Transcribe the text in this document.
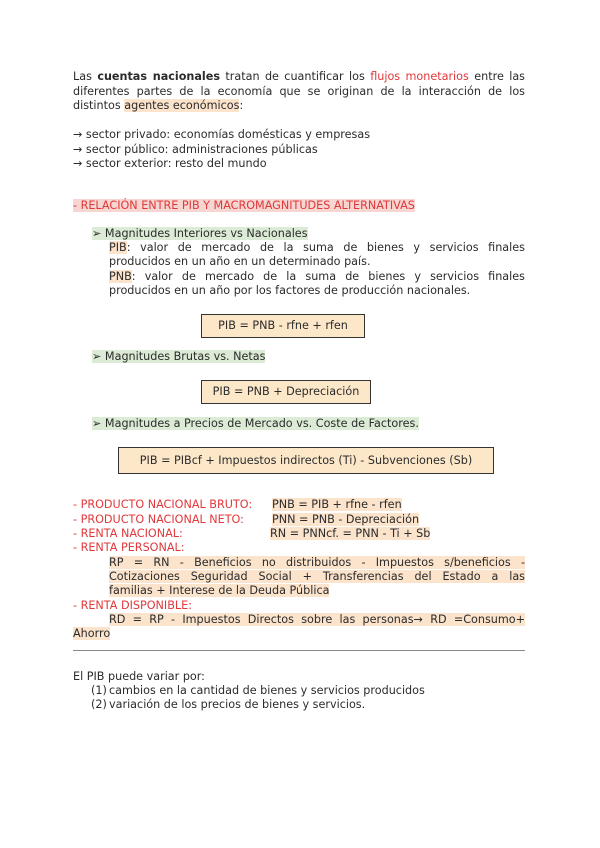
Las cuentas nacionales tratan de cuantificar los flujos monetarios entre las
diferentes partes de la economía que se originan de la interacción de los
distintos agentes económicos:
→ sector privado: economías domésticas y empresas
→ sector público: administraciones públicas
→ sector exterior: resto del mundo
- RELACIÓN ENTRE PIB Y MACROMAGNITUDES ALTERNATIVAS
➢ Magnitudes Interiores vs Nacionales
PIB: valor de mercado de la suma de bienes y servicios finales
producidos en un año en un determinado país.
PNB: valor de mercado de la suma de bienes y servicios finales
producidos en un año por los factores de producción nacionales.
PIB = PNB - rfne + rfen
➢ Magnitudes Brutas vs. Netas
PIB = PNB + Depreciación
➢ Magnitudes a Precios de Mercado vs. Coste de Factores.
PIB = PIBcf + Impuestos indirectos (Ti) - Subvenciones (Sb)
- PRODUCTO NACIONAL BRUTO: PNB = PIB + rfne - rfen
- PRODUCTO NACIONAL NETO:	PNN = PNB - Depreciación
- RENTA NACIONAL:	RN = PNNcf. = PNN - Ti + Sb
- RENTA PERSONAL:
RP = RN - Beneficios no distribuidos - Impuestos s/beneficios -
Cotizaciones Seguridad Social + Transferencias del Estado a las
familias + Interese de la Deuda Pública
- RENTA DISPONIBLE:
RD = RP - Impuestos Directos sobre las personas→ RD =Consumo+
Ahorro
El PIB puede variar por:
(1) cambios en la cantidad de bienes y servicios producidos
(2) variación de los precios de bienes y servicios.
